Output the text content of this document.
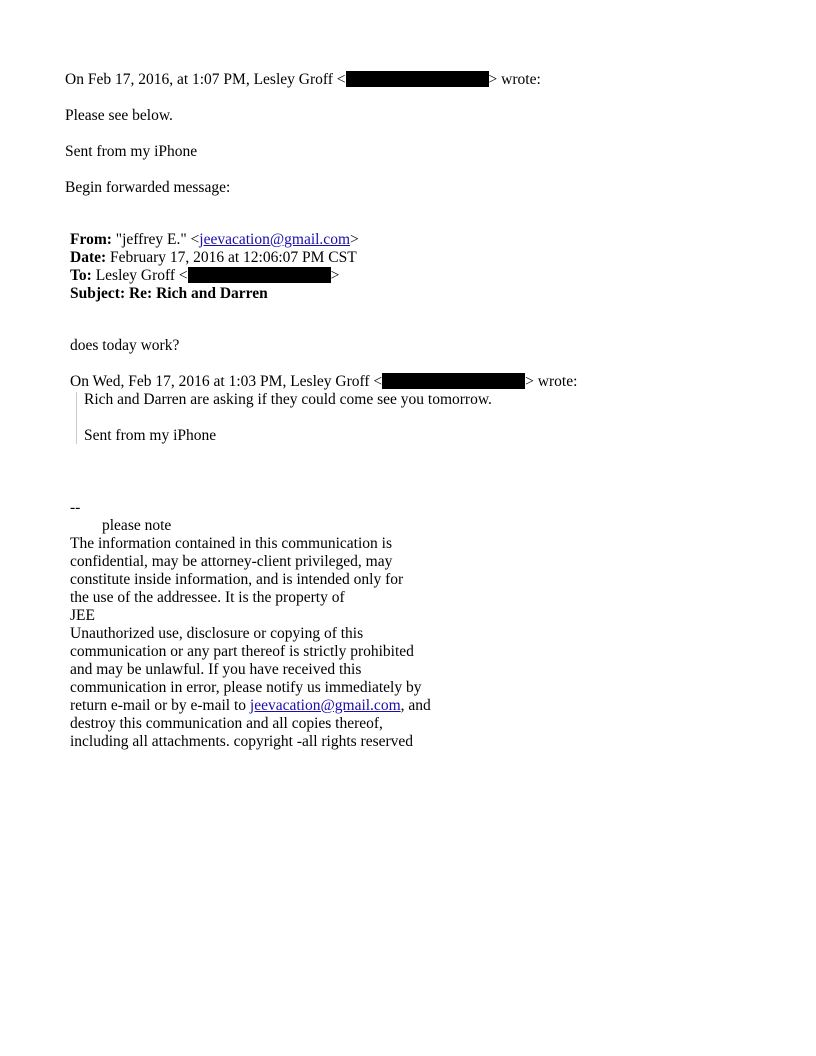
On Feb 17, 2016, at 1:07 PM, Lesley Groff <	> wrote:
Please see below.
Sent from my iPhone
Begin forwarded message:
From: "jeffrey E." <jeevacation@gmail.com>
Date: February 17, 2016 at 12:06:07 PM CST
To: Lesley Groff <	>
Subject: Re: Rich and Darren
does today work?
On Wed, Feb 17, 2016 at 1:03 PM, Lesley Groff <	> wrote:
Rich and Darren are asking if they could come see you tomorrow.
Sent from my iPhone
--
please note
The information contained in this communication is
confidential, may be attorney-client privileged, may
constitute inside information, and is intended only for
the use of the addressee. It is the property of
JEE
Unauthorized use, disclosure or copying of this
communication or any part thereof is strictly prohibited
and may be unlawful. If you have received this
communication in error, please notify us immediately by
return e-mail or by e-mail to jeevacation@gmail.com, and
destroy this communication and all copies thereof,
including all attachments. copyright -all rights reserved
